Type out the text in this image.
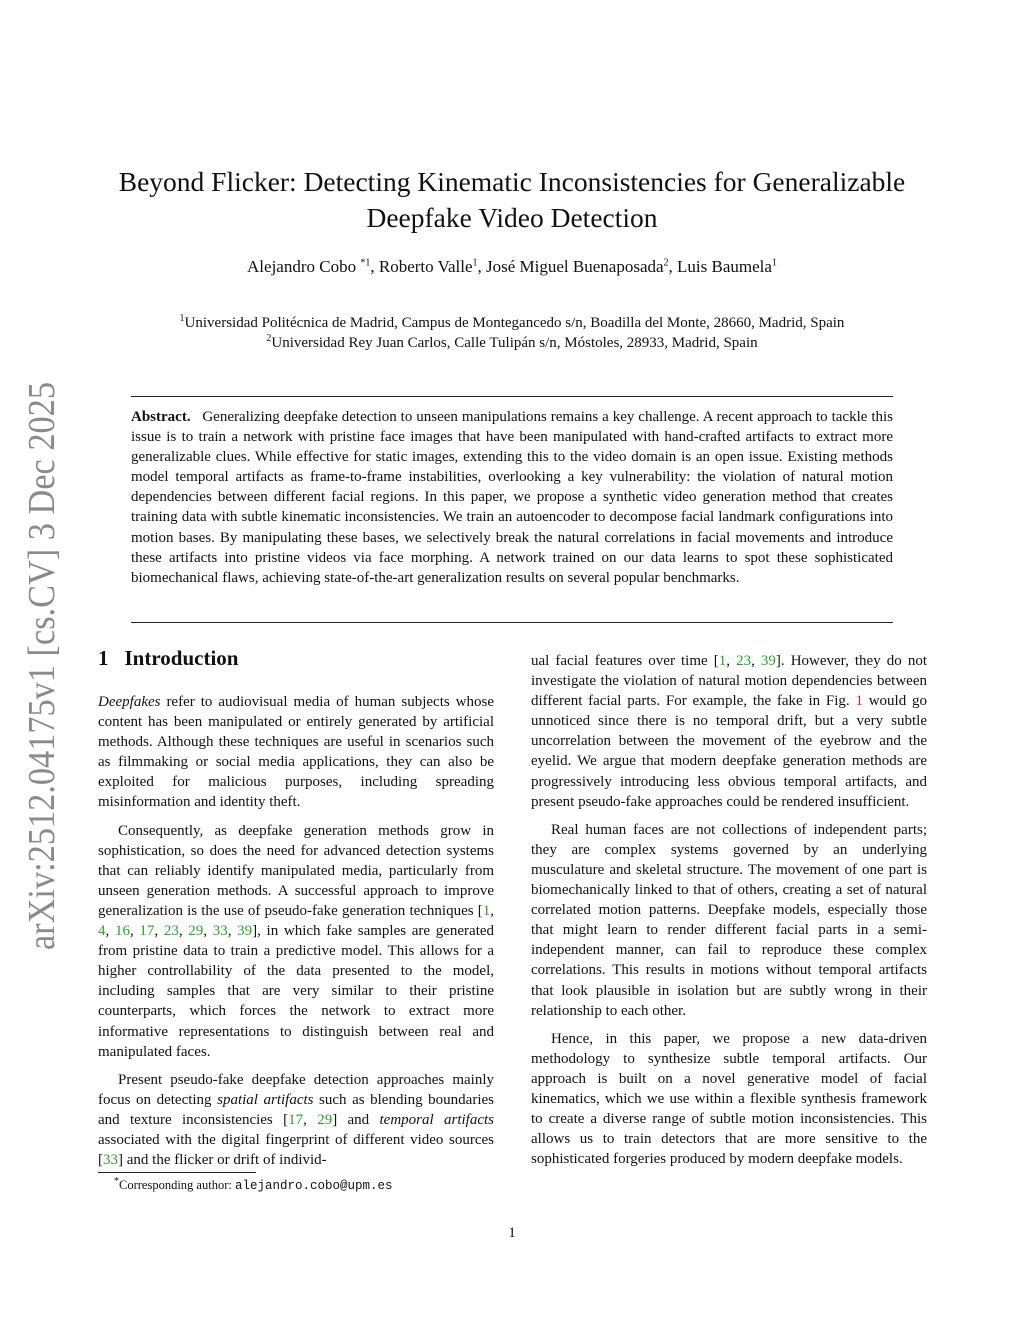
arXiv:2512.04175v1 [cs.CV] 3 Dec 2025
Beyond Flicker: Detecting Kinematic Inconsistencies for Generalizable Deepfake Video Detection
Alejandro Cobo $^{*1}$, Roberto Valle$^1$, José Miguel Buenaposada$^2$, Luis Baumela$^1$
$^1$Universidad Politécnica de Madrid, Campus de Montegancedo s/n, Boadilla del Monte, 28660, Madrid, Spain
$^2$Universidad Rey Juan Carlos, Calle Tulipán s/n, Móstoles, 28933, Madrid, Spain

Abstract. Generalizing deepfake detection to unseen manipulations remains a key challenge. A recent approach to tackle this issue is to train a network with pristine face images that have been manipulated with hand-crafted artifacts to extract more generalizable clues. While effective for static images, extending this to the video domain is an open issue. Existing methods model temporal artifacts as frame-to-frame instabilities, overlooking a key vulnerability: the violation of natural motion dependencies between different facial regions. In this paper, we propose a synthetic video generation method that creates training data with subtle kinematic inconsistencies. We train an autoencoder to decompose facial landmark configurations into motion bases. By manipulating these bases, we selectively break the natural correlations in facial movements and introduce these artifacts into pristine videos via face morphing. A network trained on our data learns to spot these sophisticated biomechanical flaws, achieving state-of-the-art generalization results on several popular benchmarks.

1 Introduction

Deepfakes refer to audiovisual media of human subjects whose content has been manipulated or entirely generated by artificial methods. Although these techniques are useful in scenarios such as filmmaking or social media applications, they can also be exploited for malicious purposes, including spreading misinformation and identity theft.

Consequently, as deepfake generation methods grow in sophistication, so does the need for advanced detection systems that can reliably identify manipulated media, particularly from unseen generation methods. A successful approach to improve generalization is the use of pseudo-fake generation techniques [1, 4, 16, 17, 23, 29, 33, 39], in which fake samples are generated from pristine data to train a predictive model. This allows for a higher controllability of the data presented to the model, including samples that are very similar to their pristine counterparts, which forces the network to extract more informative representations to distinguish between real and manipulated faces.

Present pseudo-fake deepfake detection approaches mainly focus on detecting spatial artifacts such as blending boundaries and texture inconsistencies [17, 29] and temporal artifacts associated with the digital fingerprint of different video sources [33] and the flicker or drift of individ-

ual facial features over time [1, 23, 39]. However, they do not investigate the violation of natural motion dependencies between different facial parts. For example, the fake in Fig. 1 would go unnoticed since there is no temporal drift, but a very subtle uncorrelation between the movement of the eyebrow and the eyelid. We argue that modern deepfake generation methods are progressively introducing less obvious temporal artifacts, and present pseudo-fake approaches could be rendered insufficient.

Real human faces are not collections of independent parts; they are complex systems governed by an underlying musculature and skeletal structure. The movement of one part is biomechanically linked to that of others, creating a set of natural correlated motion patterns. Deepfake models, especially those that might learn to render different facial parts in a semi-independent manner, can fail to reproduce these complex correlations. This results in motions without temporal artifacts that look plausible in isolation but are subtly wrong in their relationship to each other.

Hence, in this paper, we propose a new data-driven methodology to synthesize subtle temporal artifacts. Our approach is built on a novel generative model of facial kinematics, which we use within a flexible synthesis framework to create a diverse range of subtle motion inconsistencies. This allows us to train detectors that are more sensitive to the sophisticated forgeries produced by modern deepfake models.

*Corresponding author: alejandro.cobo@upm.es
1
